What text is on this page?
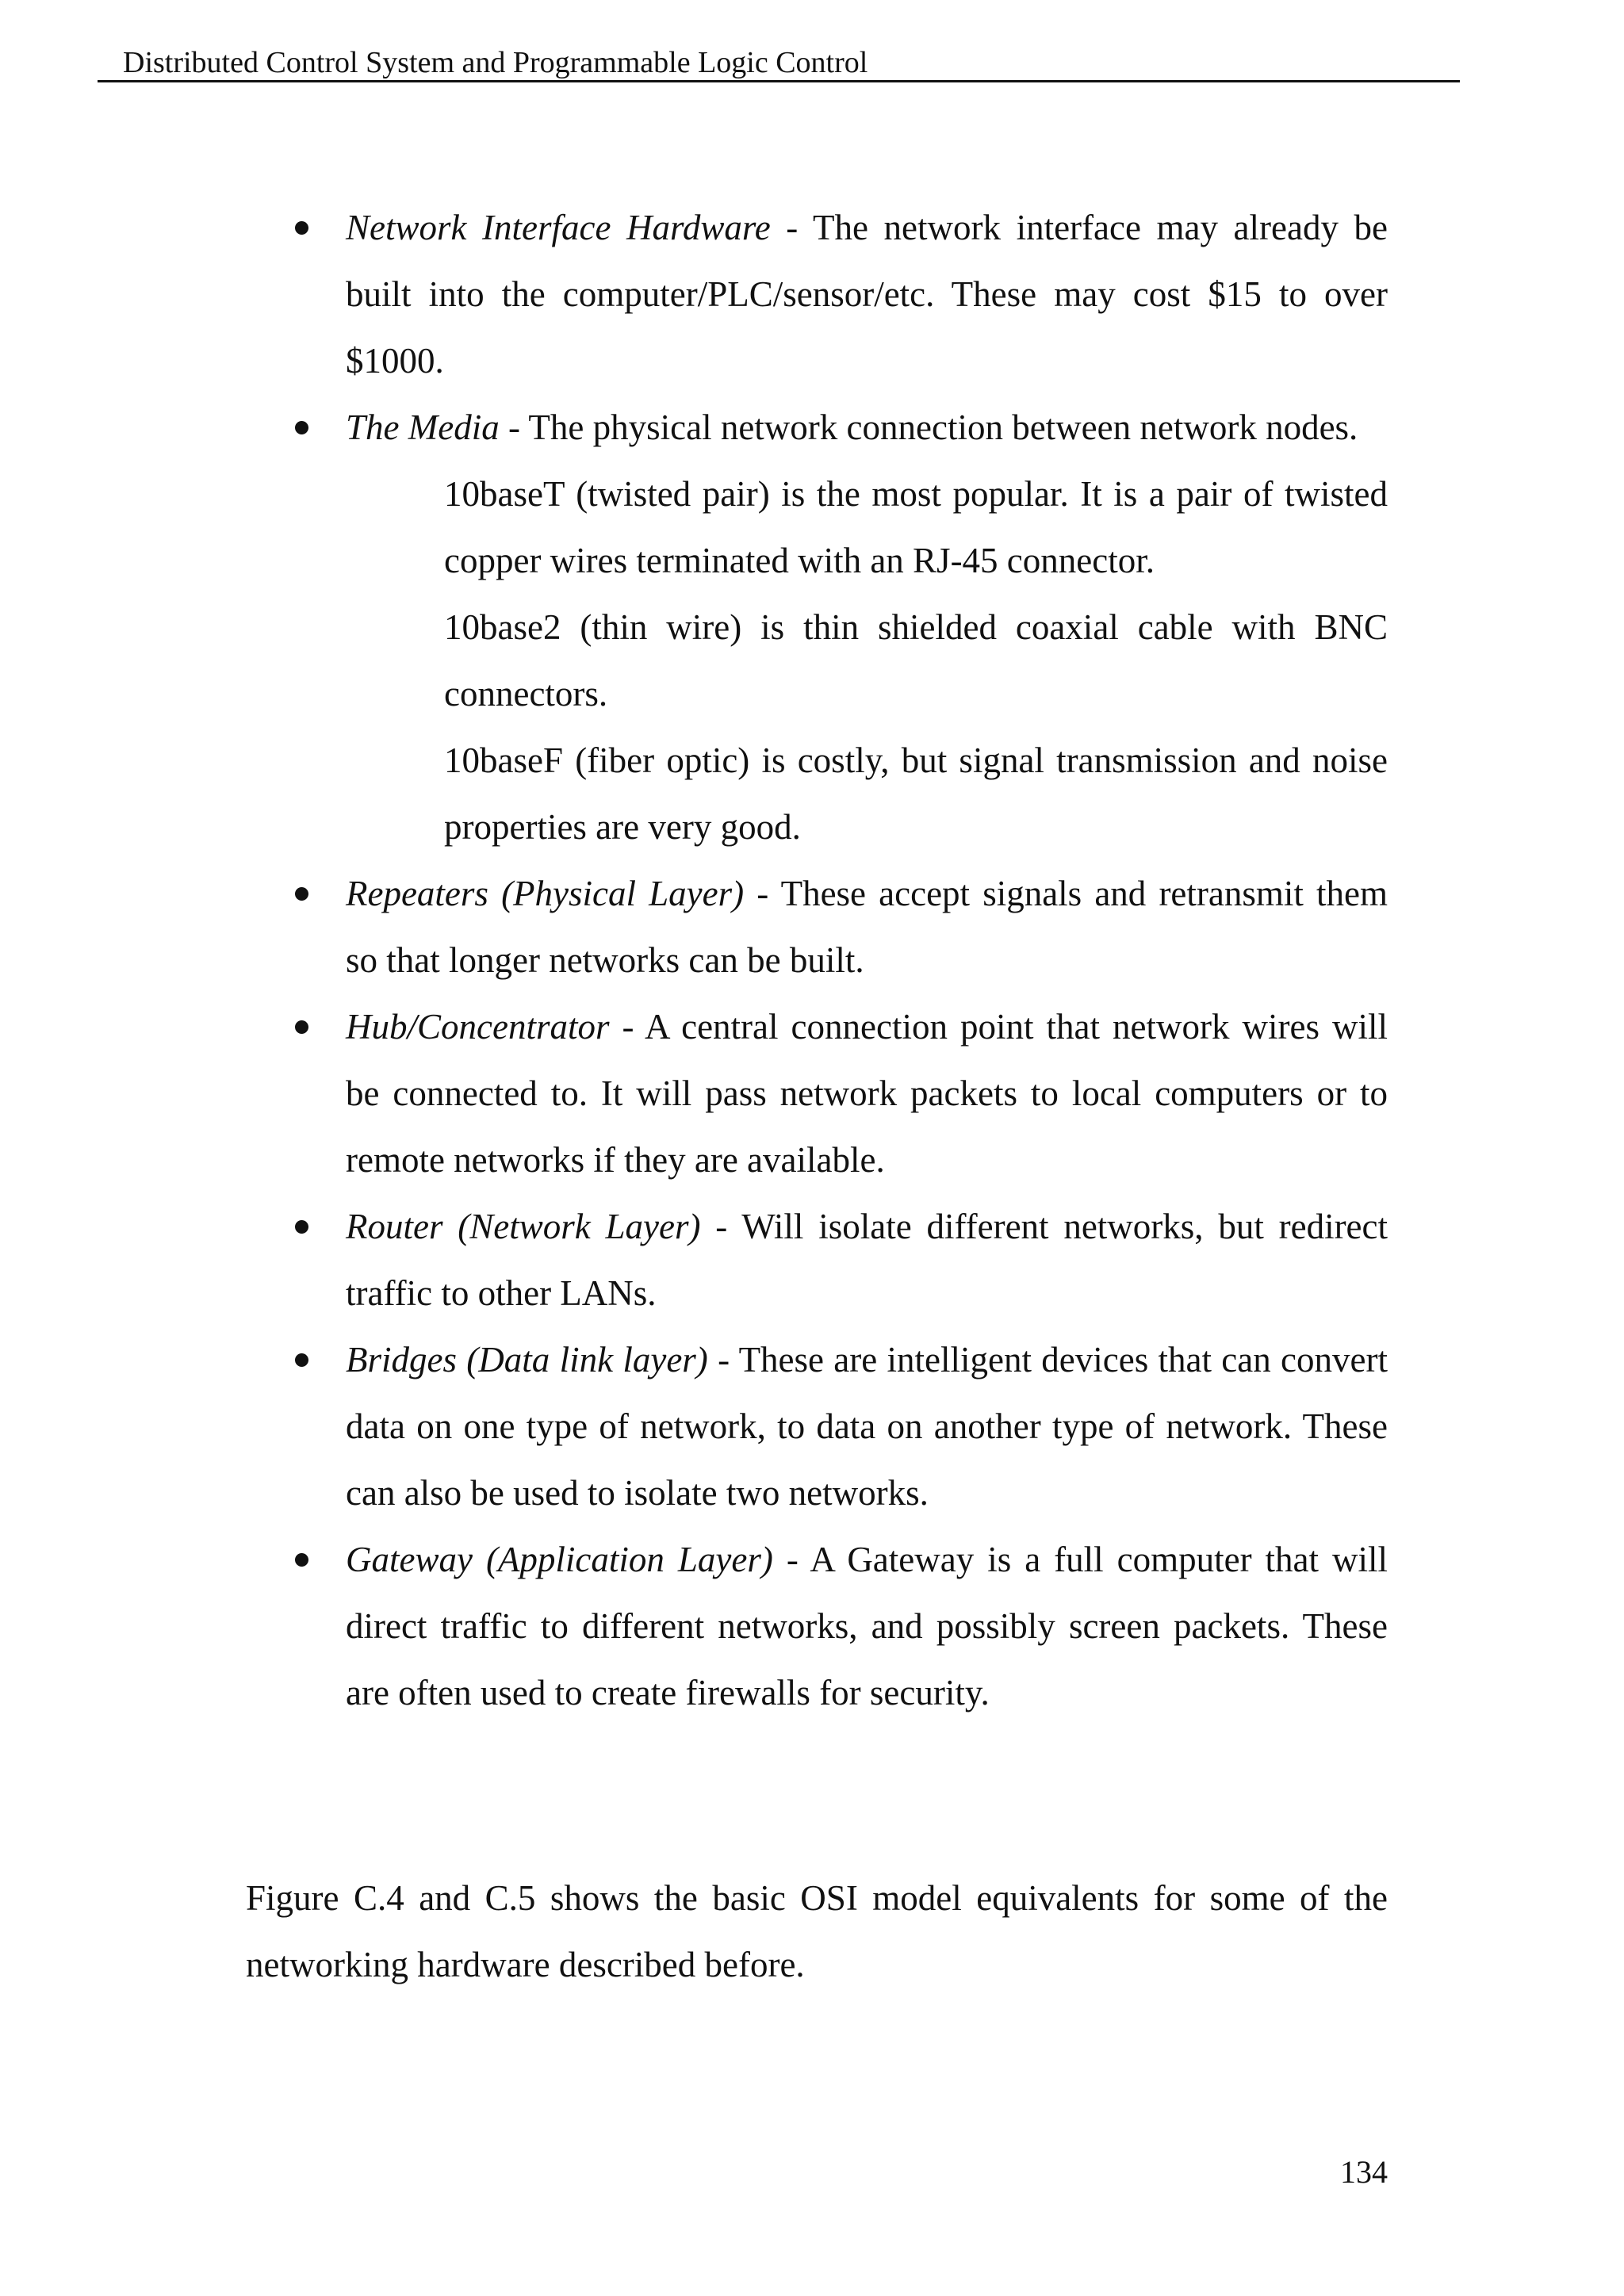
Distributed Control System and Programmable Logic Control
Network Interface Hardware - The network interface may already be built into the computer/PLC/sensor/etc. These may cost $15 to over $1000.
The Media - The physical network connection between network nodes.
10baseT (twisted pair) is the most popular. It is a pair of twisted copper wires terminated with an RJ-45 connector.
10base2 (thin wire) is thin shielded coaxial cable with BNC connectors.
10baseF (fiber optic) is costly, but signal transmission and noise properties are very good.
Repeaters (Physical Layer) - These accept signals and retransmit them so that longer networks can be built.
Hub/Concentrator - A central connection point that network wires will be connected to. It will pass network packets to local computers or to remote networks if they are available.
Router (Network Layer) - Will isolate different networks, but redirect traffic to other LANs.
Bridges (Data link layer) - These are intelligent devices that can convert data on one type of network, to data on another type of network. These can also be used to isolate two networks.
Gateway (Application Layer) - A Gateway is a full computer that will direct traffic to different networks, and possibly screen packets. These are often used to create firewalls for security.

Figure C.4 and C.5 shows the basic OSI model equivalents for some of the networking hardware described before.

134
